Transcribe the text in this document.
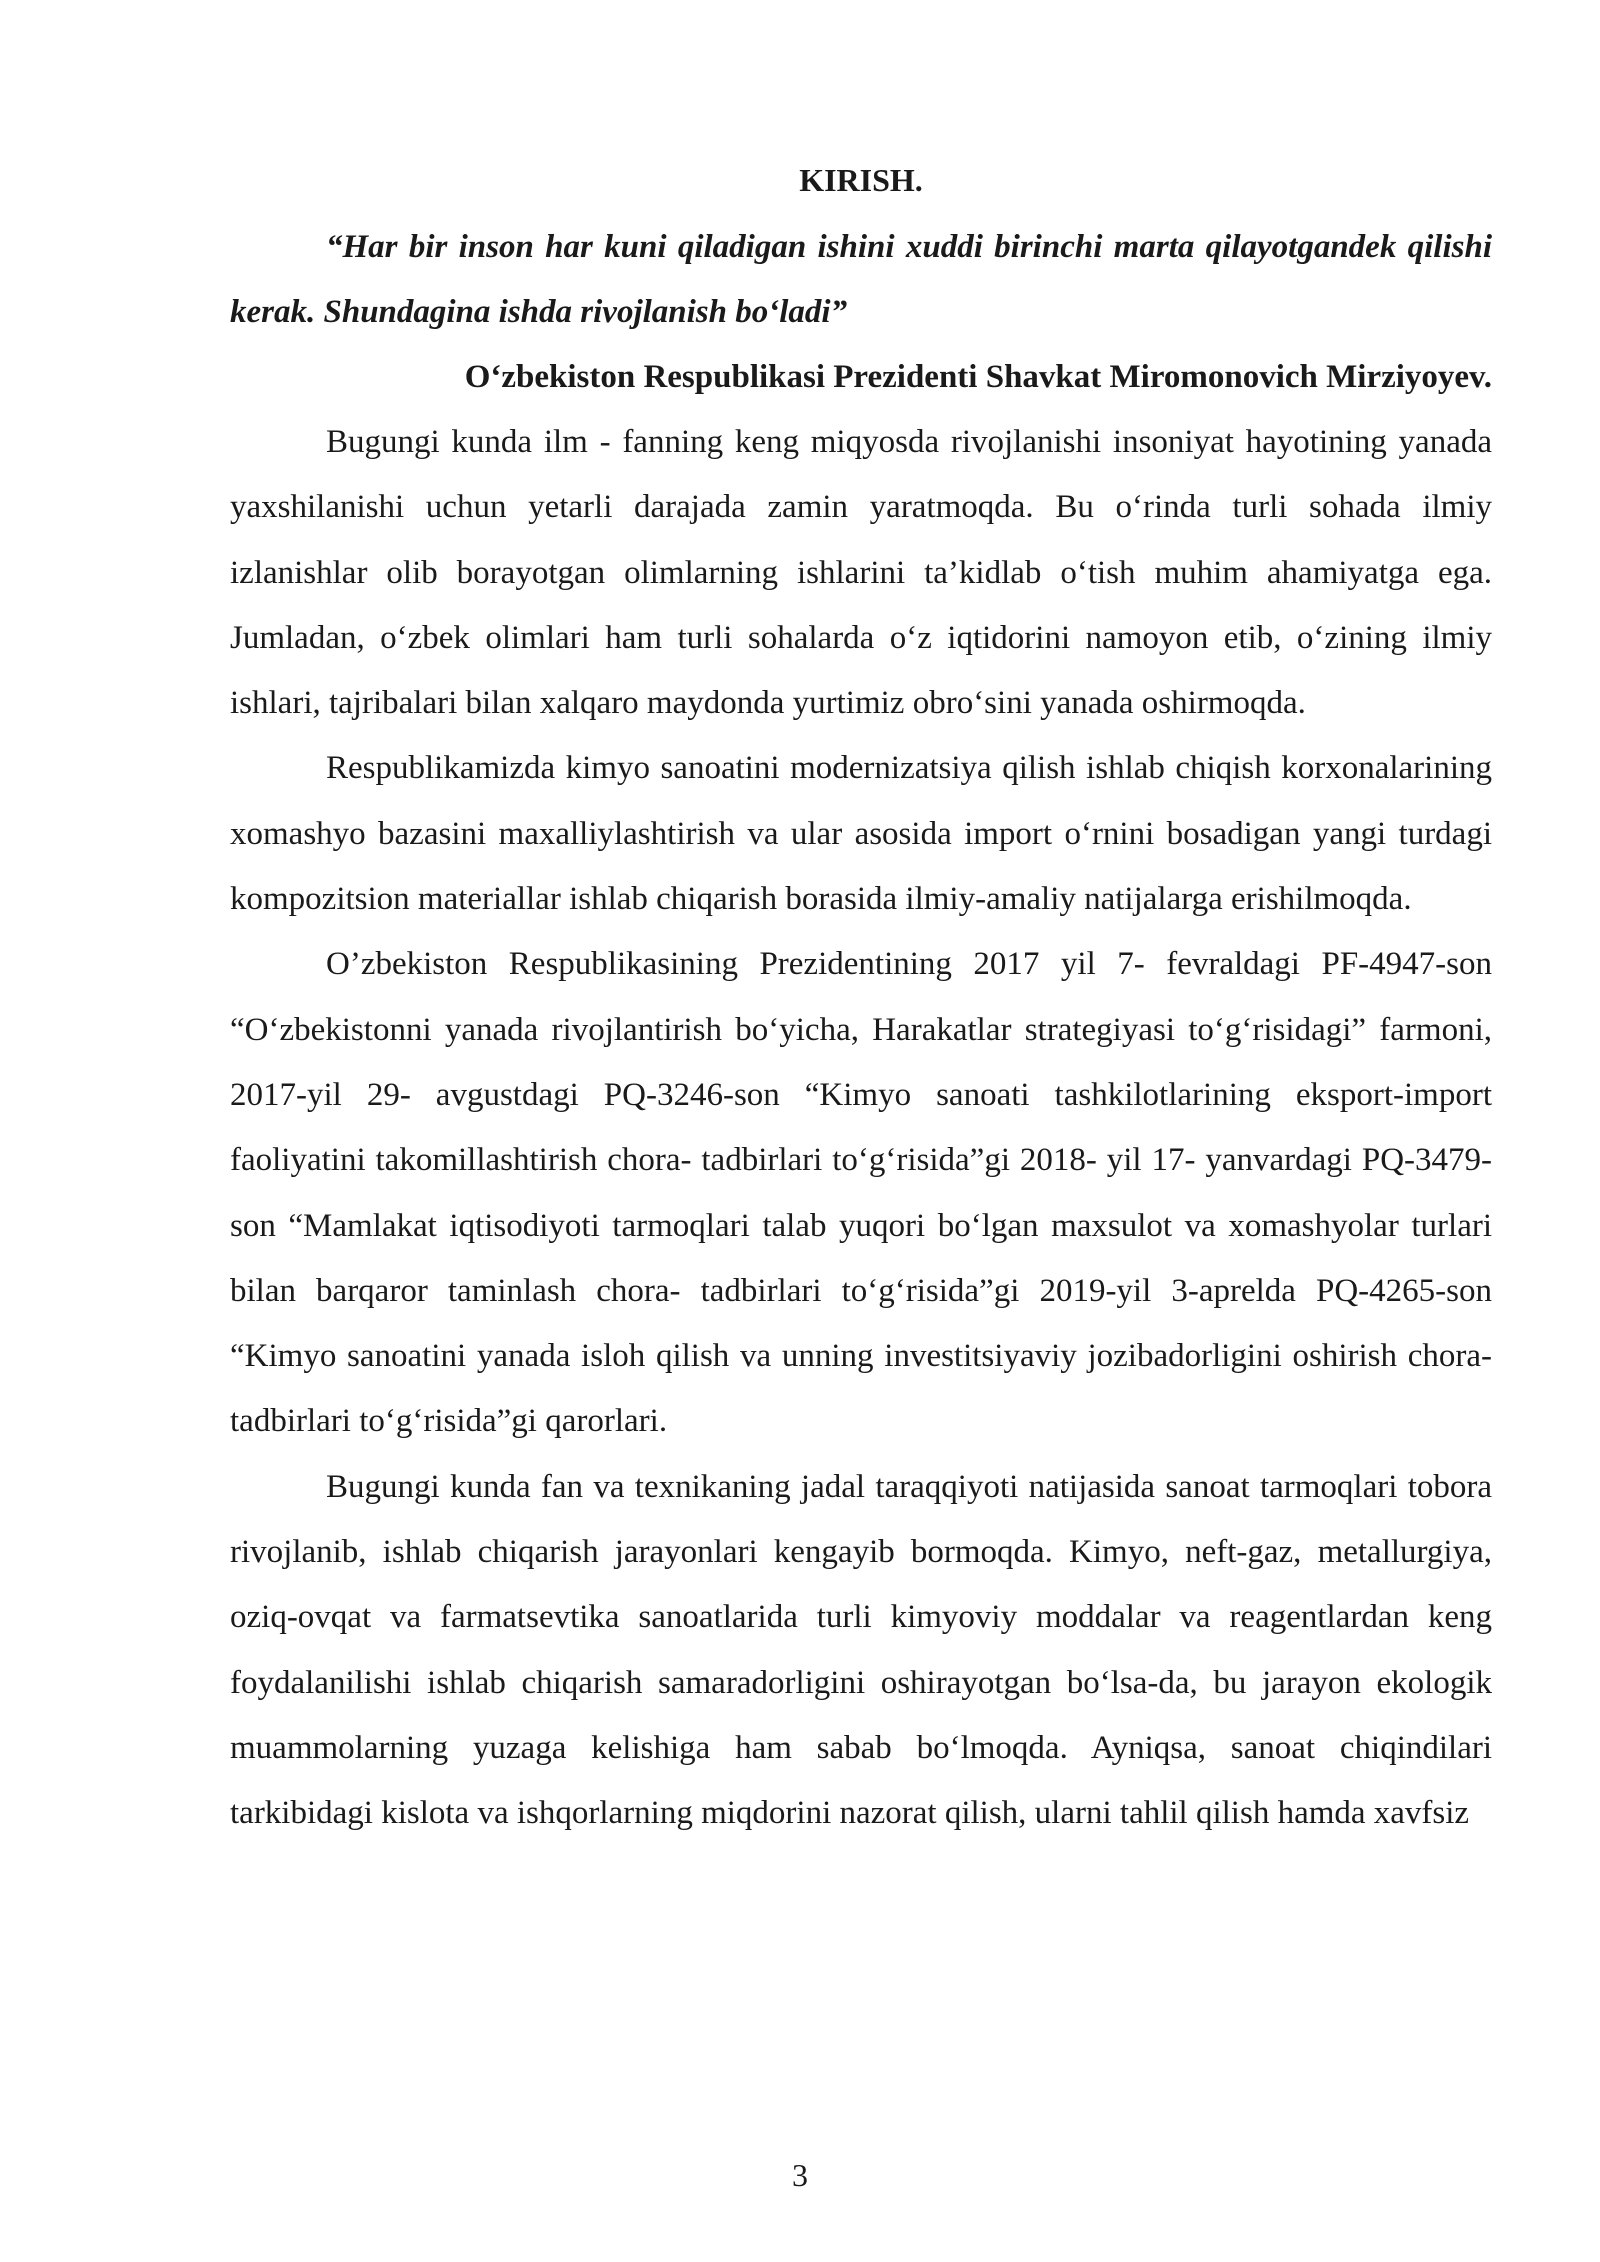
KIRISH.

“Har bir inson har kuni qiladigan ishini xuddi birinchi marta qilayotgandek qilishi kerak. Shundagina ishda rivojlanish bo‘ladi”

O‘zbekiston Respublikasi Prezidenti Shavkat Miromonovich Mirziyoyev.

Bugungi kunda ilm - fanning keng miqyosda rivojlanishi insoniyat hayotining yanada yaxshilanishi uchun yetarli darajada zamin yaratmoqda. Bu o‘rinda turli sohada ilmiy izlanishlar olib borayotgan olimlarning ishlarini ta’kidlab o‘tish muhim ahamiyatga ega. Jumladan, o‘zbek olimlari ham turli sohalarda o‘z iqtidorini namoyon etib, o‘zining ilmiy ishlari, tajribalari bilan xalqaro maydonda yurtimiz obro‘sini yanada oshirmoqda.

Respublikamizda kimyo sanoatini modernizatsiya qilish ishlab chiqish korxonalarining xomashyo bazasini maxalliylashtirish va ular asosida import o‘rnini bosadigan yangi turdagi kompozitsion materiallar ishlab chiqarish borasida ilmiy-amaliy natijalarga erishilmoqda.

O’zbekiston Respublikasining Prezidentining 2017 yil 7- fevraldagi PF-4947-son “O‘zbekistonni yanada rivojlantirish bo‘yicha, Harakatlar strategiyasi to‘g‘risidagi” farmoni, 2017-yil 29- avgustdagi PQ-3246-son “Kimyo sanoati tashkilotlarining eksport-import faoliyatini takomillashtirish chora- tadbirlari to‘g‘risida”gi 2018- yil 17- yanvardagi PQ-3479-son “Mamlakat iqtisodiyoti tarmoqlari talab yuqori bo‘lgan maxsulot va xomashyolar turlari bilan barqaror taminlash chora- tadbirlari to‘g‘risida”gi 2019-yil 3-aprelda PQ-4265-son “Kimyo sanoatini yanada isloh qilish va unning investitsiyaviy jozibadorligini oshirish chora- tadbirlari to‘g‘risida”gi qarorlari.

Bugungi kunda fan va texnikaning jadal taraqqiyoti natijasida sanoat tarmoqlari tobora rivojlanib, ishlab chiqarish jarayonlari kengayib bormoqda. Kimyo, neft-gaz, metallurgiya, oziq-ovqat va farmatsevtika sanoatlarida turli kimyoviy moddalar va reagentlardan keng foydalanilishi ishlab chiqarish samaradorligini oshirayotgan bo‘lsa-da, bu jarayon ekologik muammolarning yuzaga kelishiga ham sabab bo‘lmoqda. Ayniqsa, sanoat chiqindilari tarkibidagi kislota va ishqorlarning miqdorini nazorat qilish, ularni tahlil qilish hamda xavfsiz

3
